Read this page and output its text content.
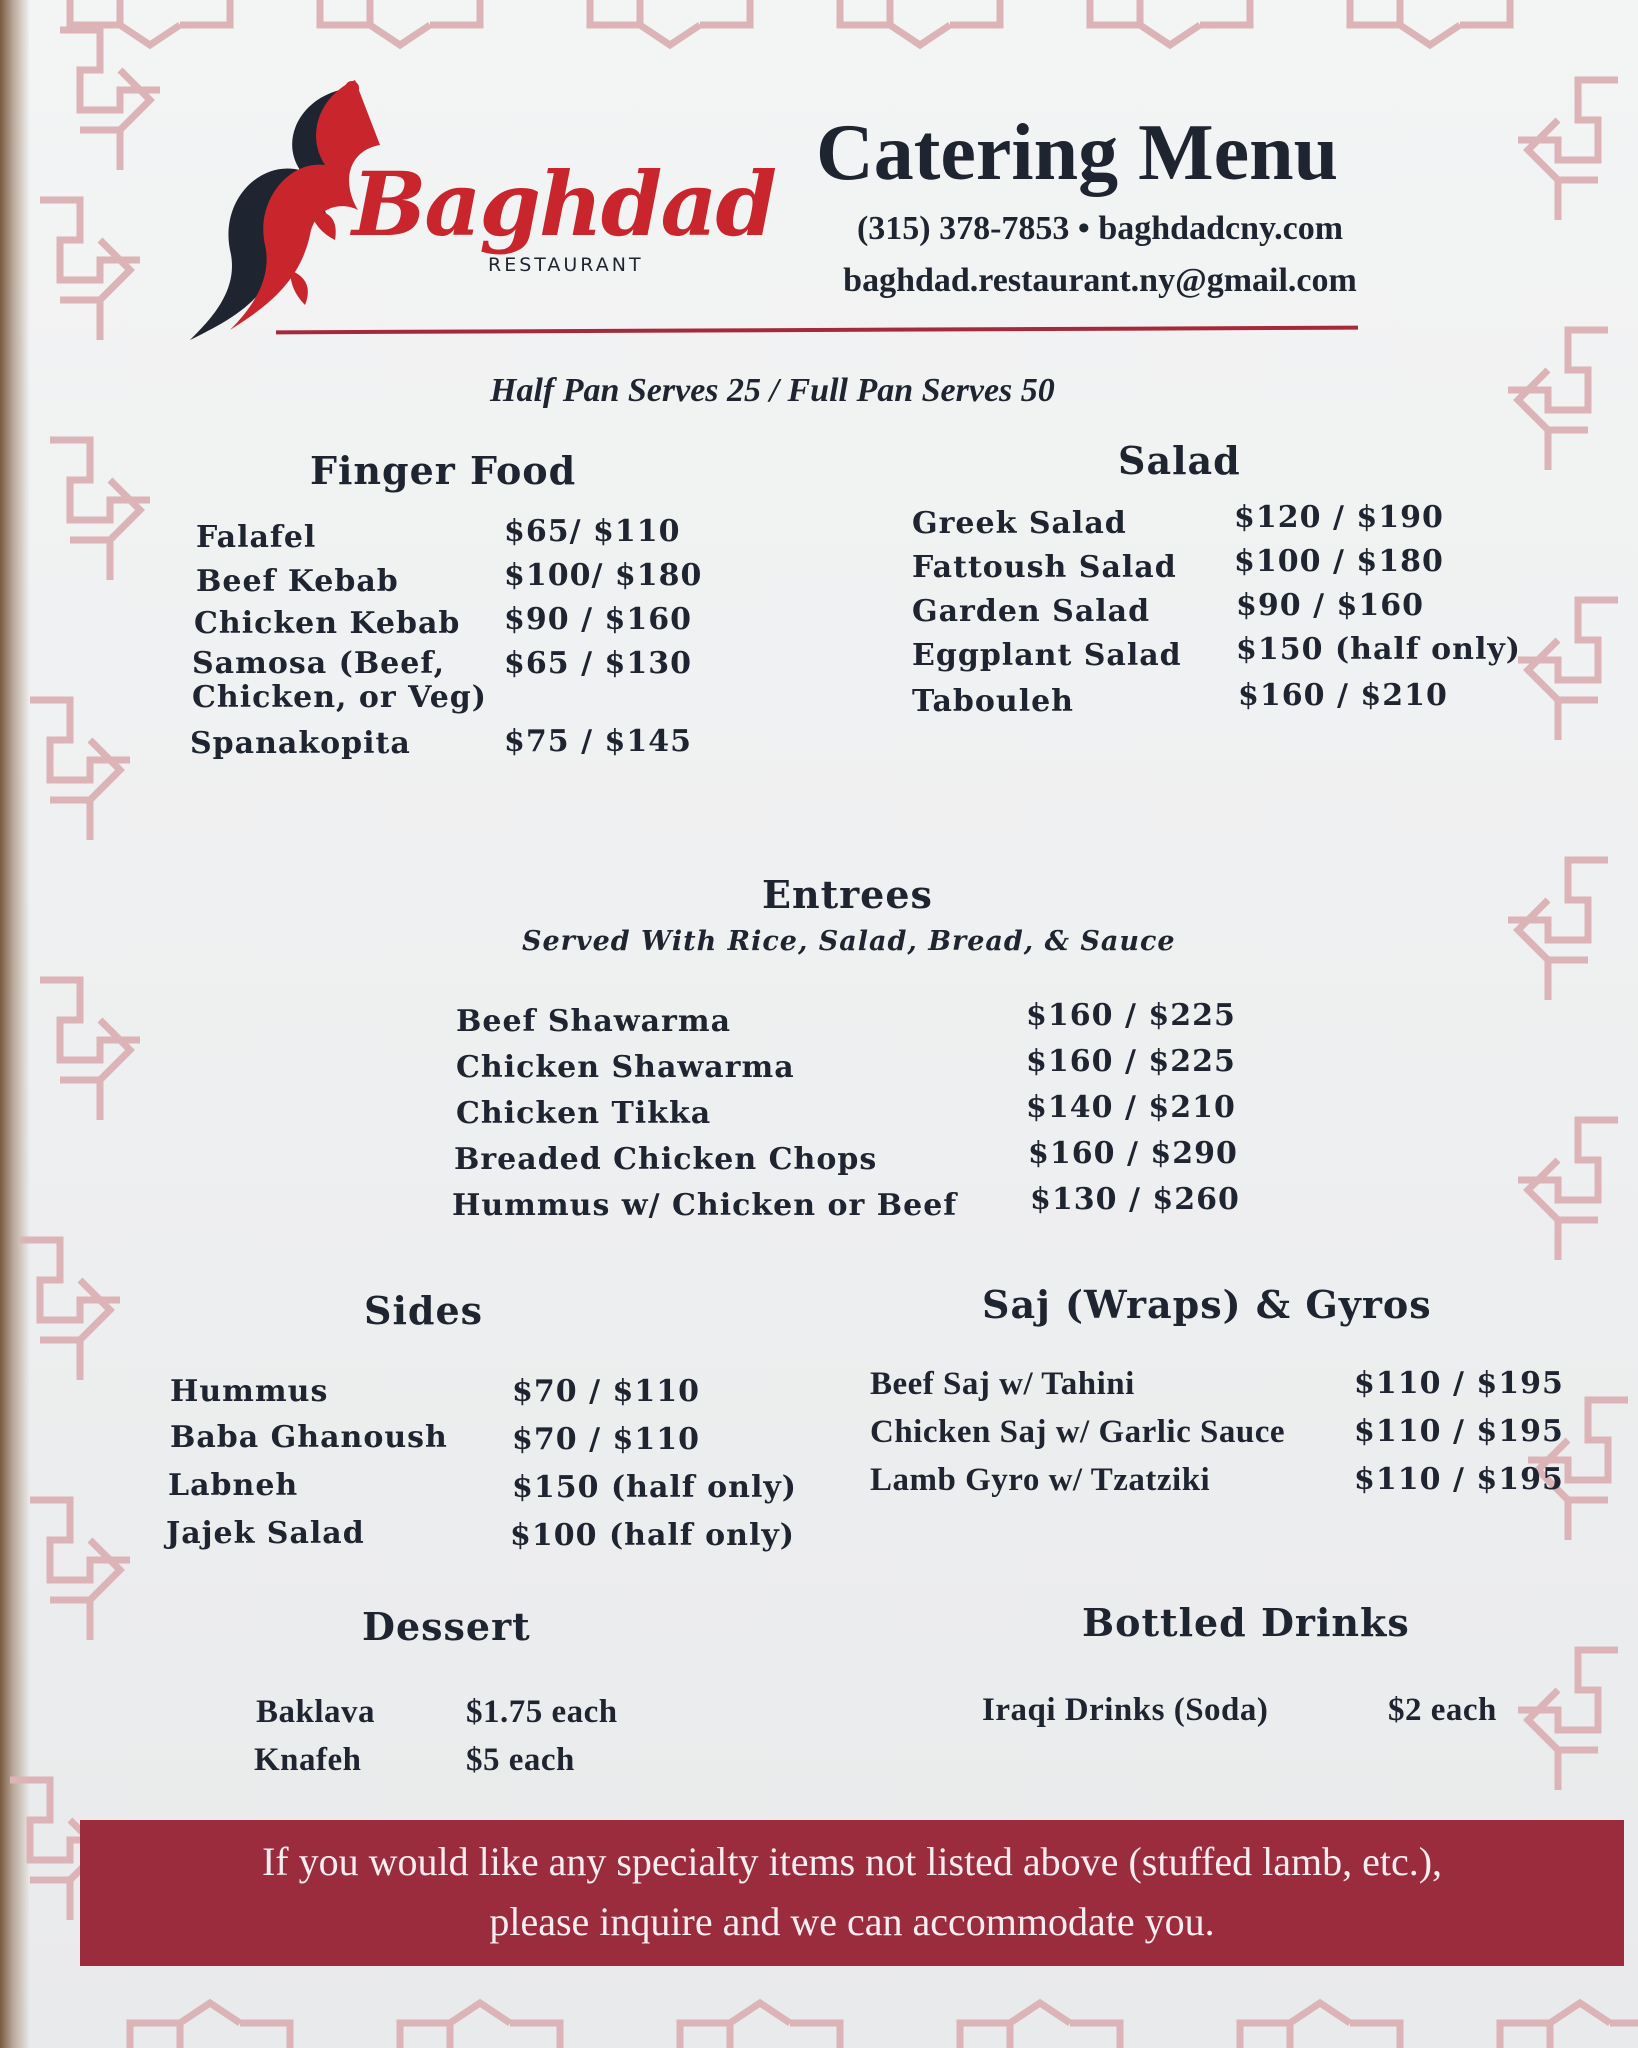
Baghdad
RESTAURANT
Catering Menu
(315) 378-7853 • baghdadcny.com
baghdad.restaurant.ny@gmail.com
Half Pan Serves 25 / Full Pan Serves 50
Finger Food
Falafel	$65/ $110
Beef Kebab	$100/ $180
Chicken Kebab $90 / $160
Samosa (Beef,
Chicken, or Veg)
$65 / $130
Spanakopita	$75 / $145
Salad
Greek Salad	$120 / $190
Fattoush Salad $100 / $180
Garden Salad	$90 / $160
Eggplant Salad $150 (half only)
Tabouleh	$160 / $210
Entrees
Served With Rice, Salad, Bread, & Sauce
Beef Shawarma	$160 / $225
Chicken Shawarma	$160 / $225
Chicken Tikka	$140 / $210
Breaded Chicken Chops	$160 / $290
Hummus w/ Chicken or Beef $130 / $260
Sides
Hummus	$70 / $110
Baba Ghanoush $70 / $110
Labneh	$150 (half only)
Jajek Salad	$100 (half only)
Saj (Wraps) & Gyros
Beef Saj w/ Tahini	$110 / $195
Chicken Saj w/ Garlic Sauce $110 / $195
Lamb Gyro w/ Tzatziki	$110 / $195
Dessert
Baklava	$1.75 each
Knafeh	$5 each
Bottled Drinks
Iraqi Drinks (Soda)	$2 each
If you would like any specialty items not listed above (stuffed lamb, etc.),
please inquire and we can accommodate you.
